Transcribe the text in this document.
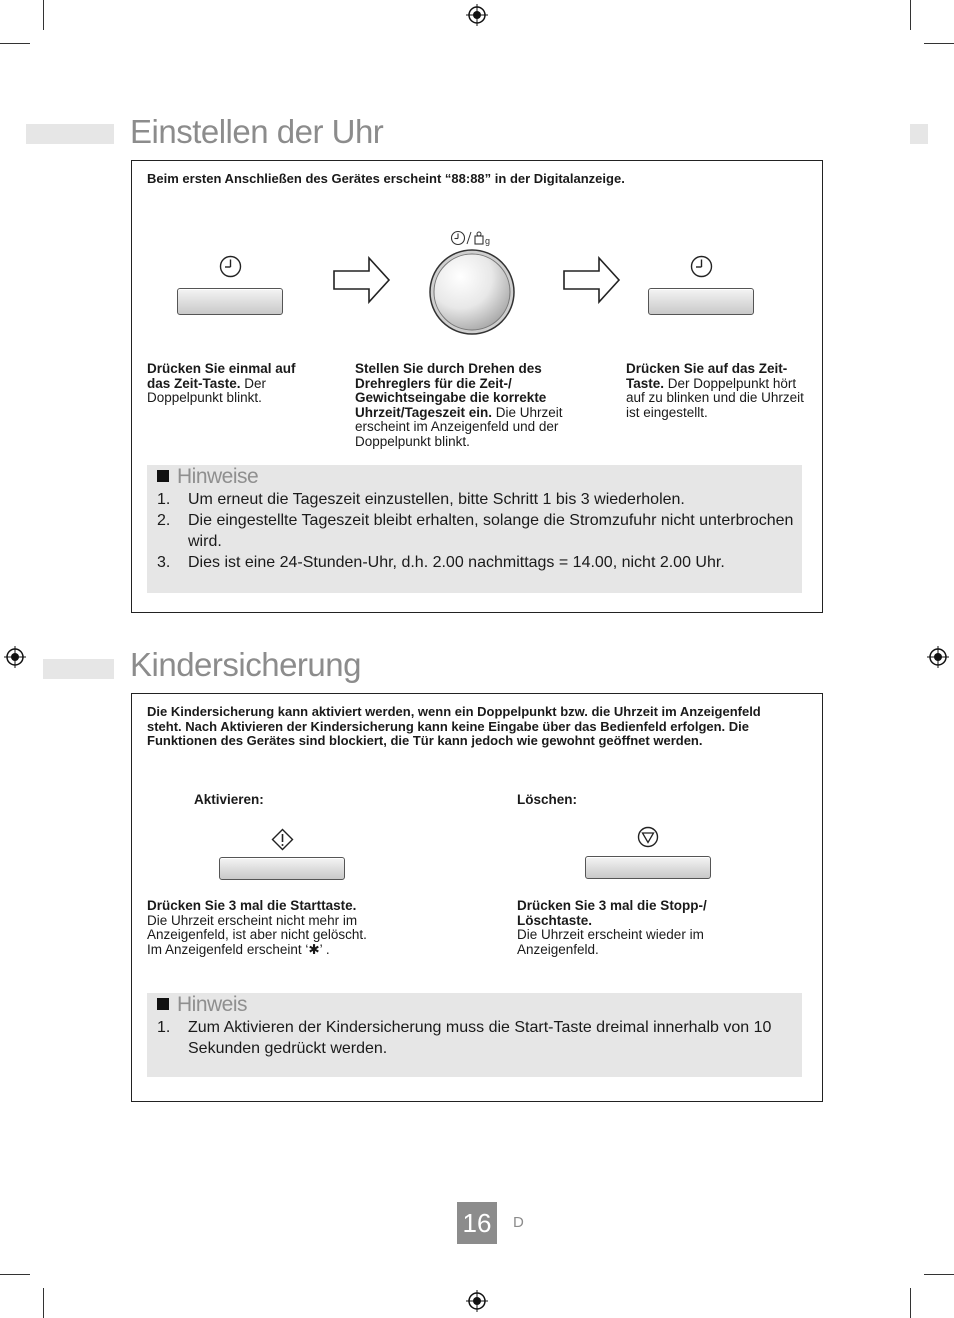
Einstellen der Uhr
Beim ersten Anschließen des Gerätes erscheint “88:88” in der Digitalanzeige.
g
Drücken Sie einmal auf das Zeit-Taste. Der Doppelpunkt blinkt.
Stellen Sie durch Drehen des Drehreglers für die Zeit-/ Gewichtseingabe die korrekte Uhrzeit/Tageszeit ein. Die Uhrzeit erscheint im Anzeigenfeld und der Doppelpunkt blinkt.
Drücken Sie auf das Zeit-Taste. Der Doppelpunkt hört auf zu blinken und die Uhrzeit ist eingestellt.
Hinweise
1. Um erneut die Tageszeit einzustellen, bitte Schritt 1 bis 3 wiederholen.
2. Die eingestellte Tageszeit bleibt erhalten, solange die Stromzufuhr nicht unterbrochen
wird.
3. Dies ist eine 24-Stunden-Uhr, d.h. 2.00 nachmittags = 14.00, nicht 2.00 Uhr.
Kindersicherung
Die Kindersicherung kann aktiviert werden, wenn ein Doppelpunkt bzw. die Uhrzeit im Anzeigenfeld steht. Nach Aktivieren der Kindersicherung kann keine Eingabe über das Bedienfeld erfolgen. Die Funktionen des Gerätes sind blockiert, die Tür kann jedoch wie gewohnt geöffnet werden.
Aktivieren:	Löschen:
Drücken Sie 3 mal die Starttaste.
Die Uhrzeit erscheint nicht mehr im
Anzeigenfeld, ist aber nicht gelöscht.
Im Anzeigenfeld erscheint ‘✱’ .
Drücken Sie 3 mal die Stopp-/ Löschtaste.
Die Uhrzeit erscheint wieder im
Anzeigenfeld.
Hinweis
1. Zum Aktivieren der Kindersicherung muss die Start-Taste dreimal innerhalb von 10
Sekunden gedrückt werden.
16	D
